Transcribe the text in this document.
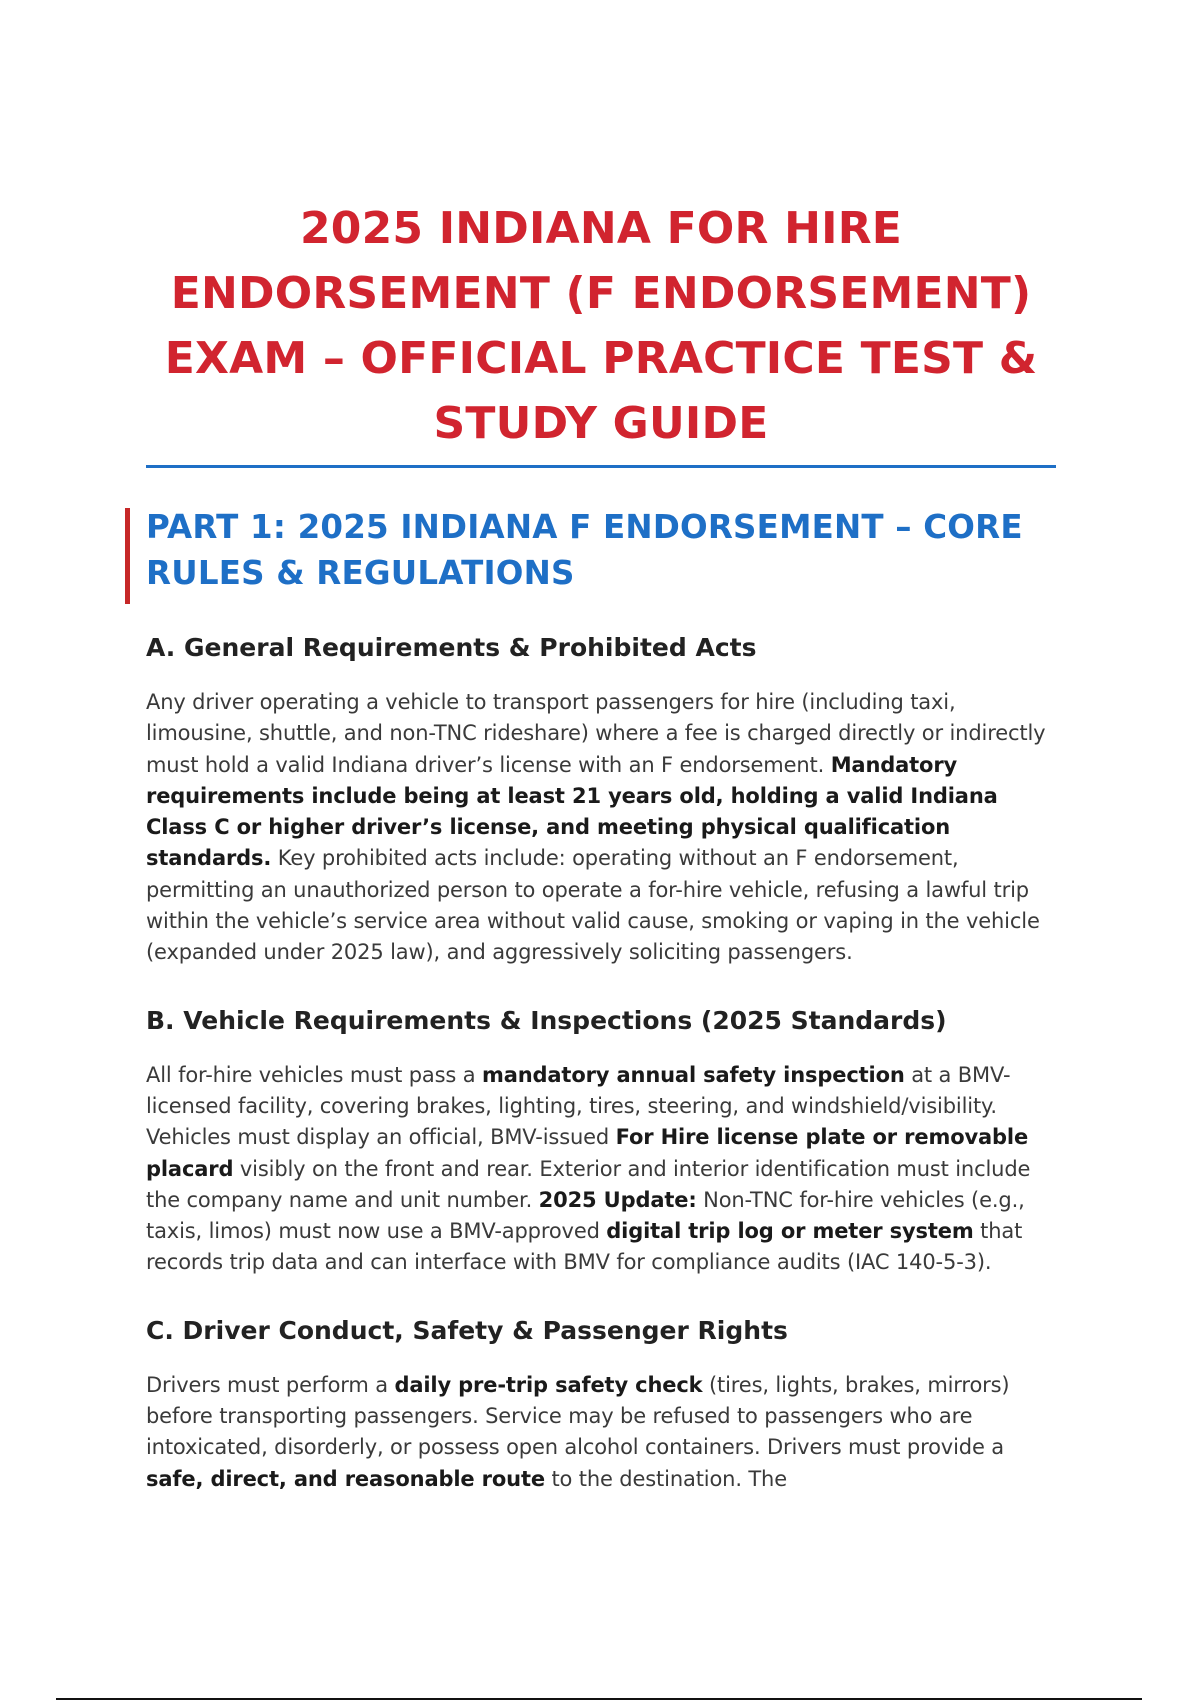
2025 INDIANA FOR HIRE ENDORSEMENT (F ENDORSEMENT) EXAM – OFFICIAL PRACTICE TEST & STUDY GUIDE
PART 1: 2025 INDIANA F ENDORSEMENT – CORE RULES & REGULATIONS
A. General Requirements & Prohibited Acts

Any driver operating a vehicle to transport passengers for hire (including taxi, limousine, shuttle, and non-TNC rideshare) where a fee is charged directly or indirectly must hold a valid Indiana driver’s license with an F endorsement. Mandatory requirements include being at least 21 years old, holding a valid Indiana Class C or higher driver’s license, and meeting physical qualification standards. Key prohibited acts include: operating without an F endorsement, permitting an unauthorized person to operate a for-hire vehicle, refusing a lawful trip within the vehicle’s service area without valid cause, smoking or vaping in the vehicle (expanded under 2025 law), and aggressively soliciting passengers.

B. Vehicle Requirements & Inspections (2025 Standards)

All for-hire vehicles must pass a mandatory annual safety inspection at a BMV-licensed facility, covering brakes, lighting, tires, steering, and windshield/visibility. Vehicles must display an official, BMV-issued For Hire license plate or removable placard visibly on the front and rear. Exterior and interior identification must include the company name and unit number. 2025 Update: Non-TNC for-hire vehicles (e.g., taxis, limos) must now use a BMV-approved digital trip log or meter system that records trip data and can interface with BMV for compliance audits (IAC 140-5-3).

C. Driver Conduct, Safety & Passenger Rights

Drivers must perform a daily pre-trip safety check (tires, lights, brakes, mirrors) before transporting passengers. Service may be refused to passengers who are intoxicated, disorderly, or possess open alcohol containers. Drivers must provide a safe, direct, and reasonable route to the destination. The
